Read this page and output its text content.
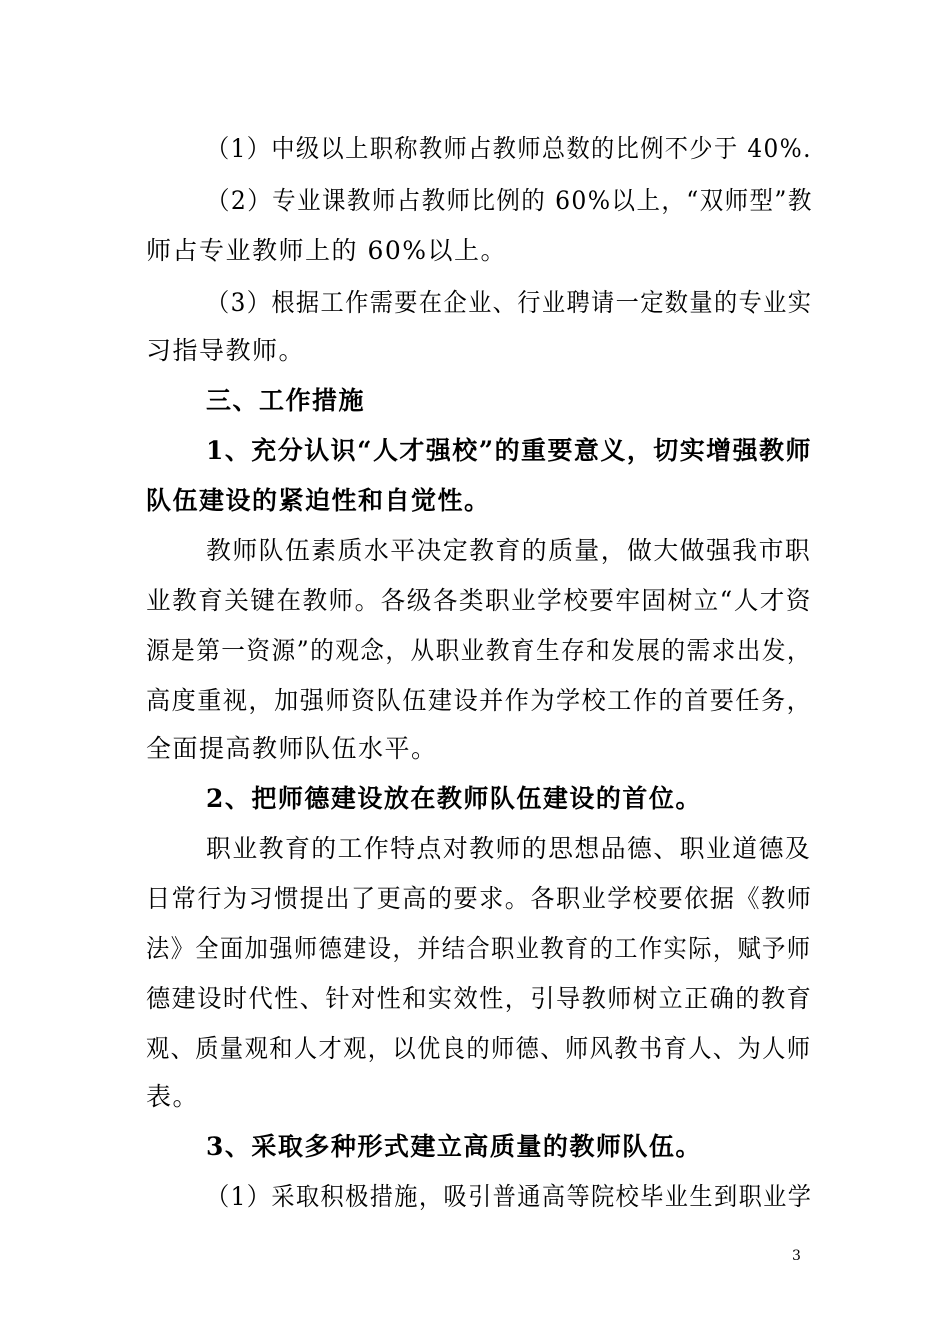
（1）中级以上职称教师占教师总数的比例不少于 40%.
（2）专业课教师占教师比例的 60%以上，“双师型”教
师占专业教师上的 60%以上。
（3）根据工作需要在企业、行业聘请一定数量的专业实
习指导教师。
三、工作措施
1、充分认识“人才强校”的重要意义，切实增强教师
队伍建设的紧迫性和自觉性。
教师队伍素质水平决定教育的质量，做大做强我市职
业教育关键在教师。各级各类职业学校要牢固树立“人才资
源是第一资源”的观念，从职业教育生存和发展的需求出发，
高度重视，加强师资队伍建设并作为学校工作的首要任务，
全面提高教师队伍水平。
2、把师德建设放在教师队伍建设的首位。
职业教育的工作特点对教师的思想品德、职业道德及
日常行为习惯提出了更高的要求。各职业学校要依据《教师
法》全面加强师德建设，并结合职业教育的工作实际，赋予师
德建设时代性、针对性和实效性，引导教师树立正确的教育
观、质量观和人才观，以优良的师德、师风教书育人、为人师
表。
3、采取多种形式建立高质量的教师队伍。
（1）采取积极措施，吸引普通高等院校毕业生到职业学
3
